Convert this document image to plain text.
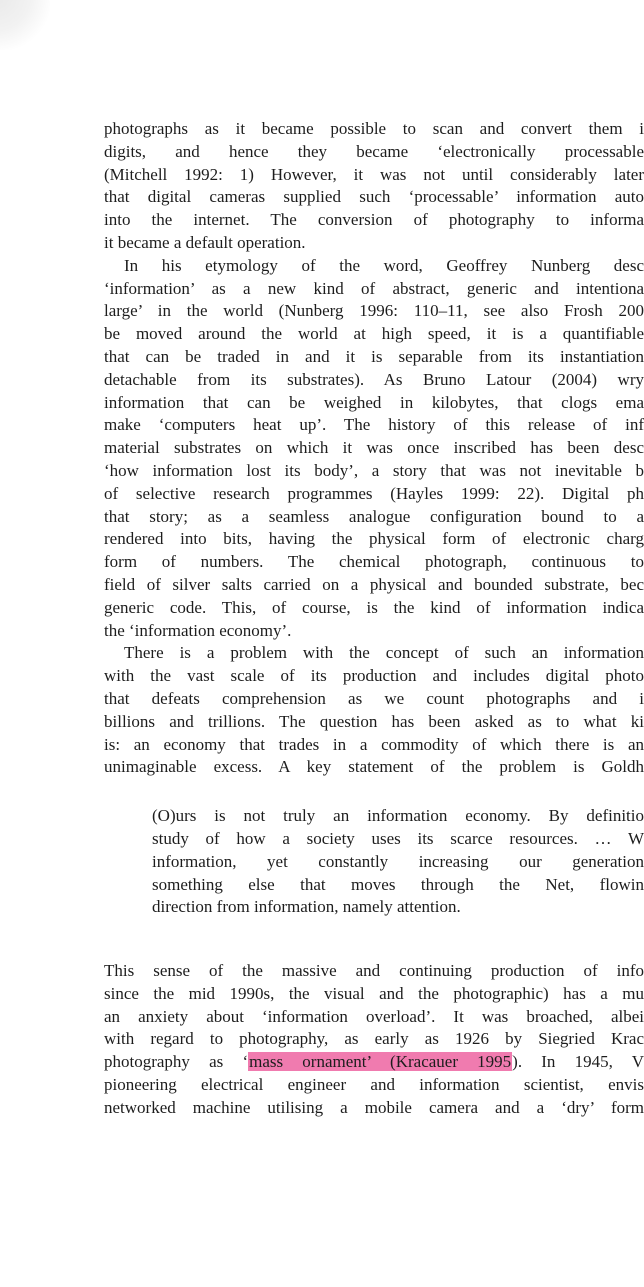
photographs as it became possible to scan and convert them i
digits, and hence they became ‘electronically processable
(Mitchell 1992: 1) However, it was not until considerably later
that digital cameras supplied such ‘processable’ information auto
into the internet. The conversion of photography to informa
it became a default operation.
In his etymology of the word, Geoffrey Nunberg desc
‘information’ as a new kind of abstract, generic and intentiona
large’ in the world (Nunberg 1996: 110–11, see also Frosh 200
be moved around the world at high speed, it is a quantifiable
that can be traded in and it is separable from its instantiation
detachable from its substrates). As Bruno Latour (2004) wry
information that can be weighed in kilobytes, that clogs ema
make ‘computers heat up’. The history of this release of inf
material substrates on which it was once inscribed has been desc
‘how information lost its body’, a story that was not inevitable b
of selective research programmes (Hayles 1999: 22). Digital ph
that story; as a seamless analogue configuration bound to a
rendered into bits, having the physical form of electronic charg
form of numbers. The chemical photograph, continuous to
field of silver salts carried on a physical and bounded substrate, bec
generic code. This, of course, is the kind of information indica
the ‘information economy’.
There is a problem with the concept of such an information
with the vast scale of its production and includes digital photo
that defeats comprehension as we count photographs and i
billions and trillions. The question has been asked as to what ki
is: an economy that trades in a commodity of which there is an
unimaginable excess. A key statement of the problem is Goldh
(O)urs is not truly an information economy. By definitio
study of how a society uses its scarce resources. … W
information, yet constantly increasing our generation
something else that moves through the Net, flowin
direction from information, namely attention.
This sense of the massive and continuing production of info
since the mid 1990s, the visual and the photographic) has a mu
an anxiety about ‘information overload’. It was broached, albei
with regard to photography, as early as 1926 by Siegried Krac
photography as ‘mass ornament’ (Kracauer 1995). In 1945, V
pioneering electrical engineer and information scientist, envis
networked machine utilising a mobile camera and a ‘dry’ form
